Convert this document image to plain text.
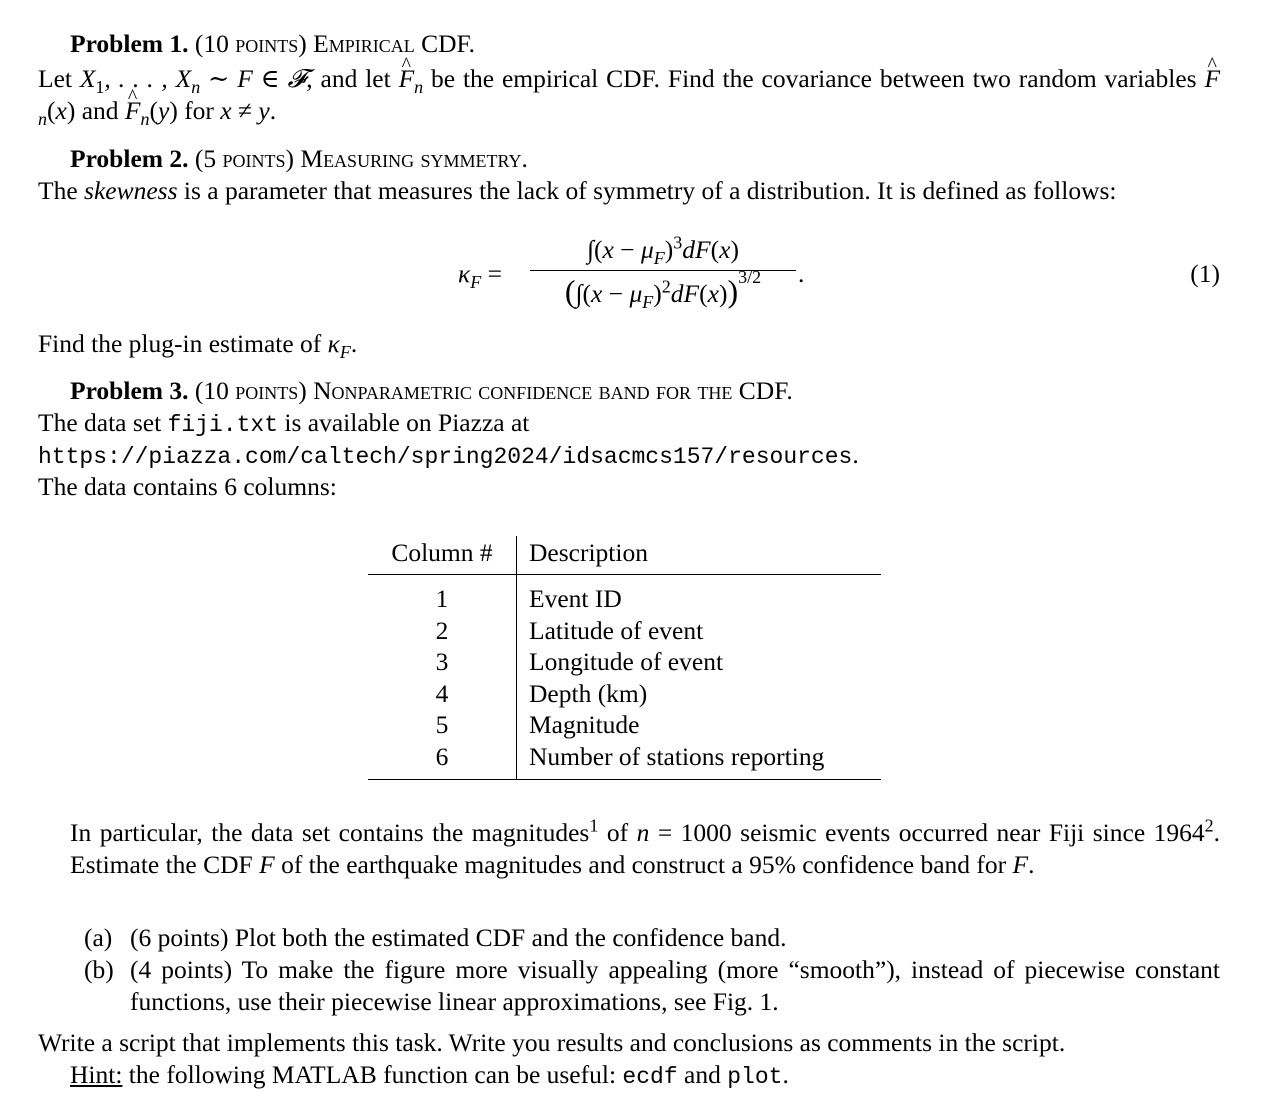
Problem 1. (10 points) Empirical CDF.
Let $X_1$, . . . , $X_n$ ∼ F ∈ 𝓕, and let ^ $F_n$ be the empirical CDF. Find the covariance between two random variables ^ $F_n(x)$ and ^ $F_n(y)$ for x ≠ y.
Problem 2. (5 points) Measuring symmetry.
The skewness is a parameter that measures the lack of symmetry of a distribution. It is defined as follows:
$\kappa_F$ =
$\int(x - \mu_F)^3dF(x)$
$(\int(x - \mu_F)^2dF(x))^{3/2}$	.	(1)
Find the plug-in estimate of $\kappa_F$.
Problem 3. (10 points) Nonparametric confidence band for the CDF.
The data set fiji.txt is available on Piazza at
https://piazza.com/caltech/spring2024/idsacmcs157/resources.
The data contains 6 columns:
Column #	Description
1	Event ID
2	Latitude of event
3	Longitude of event
4	Depth (km)
5	Magnitude
6	Number of stations reporting
In particular, the data set contains the magnitudes$^1$ of n = 1000 seismic events occurred near Fiji since 1964$^2$. Estimate the CDF F of the earthquake magnitudes and construct a 95% confidence band for F.
(a) (6 points) Plot both the estimated CDF and the confidence band.
(b) (4 points) To make the figure more visually appealing (more “smooth”), instead of piecewise constant functions, use their piecewise linear approximations, see Fig. 1.
Write a script that implements this task. Write you results and conclusions as comments in the script.
Hint: the following MATLAB function can be useful: ecdf and plot.
